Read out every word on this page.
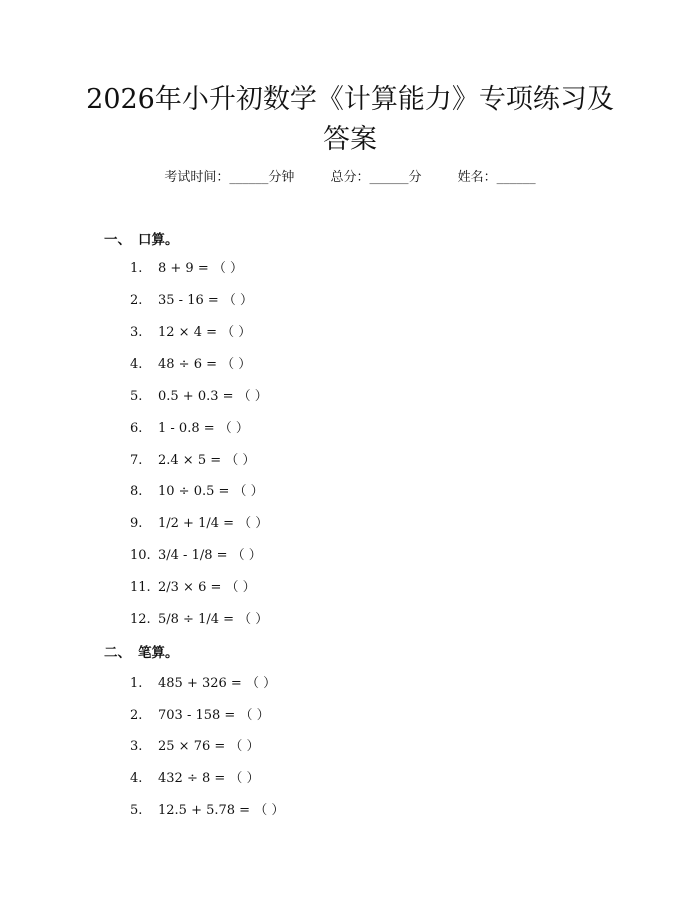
2026年小升初数学《计算能力》专项练习及
答案
考试时间：______分钟	总分：______分	姓名：______
一、 口算。
1. 8 + 9 = （ ）
2. 35 - 16 = （ ）
3. 12 × 4 = （ ）
4. 48 ÷ 6 = （ ）
5. 0.5 + 0.3 = （ ）
6. 1 - 0.8 = （ ）
7. 2.4 × 5 = （ ）
8. 10 ÷ 0.5 = （ ）
9. 1/2 + 1/4 = （ ）
10. 3/4 - 1/8 = （ ）
11. 2/3 × 6 = （ ）
12. 5/8 ÷ 1/4 = （ ）
二、 笔算。
1. 485 + 326 = （ ）
2. 703 - 158 = （ ）
3. 25 × 76 = （ ）
4. 432 ÷ 8 = （ ）
5. 12.5 + 5.78 = （ ）
